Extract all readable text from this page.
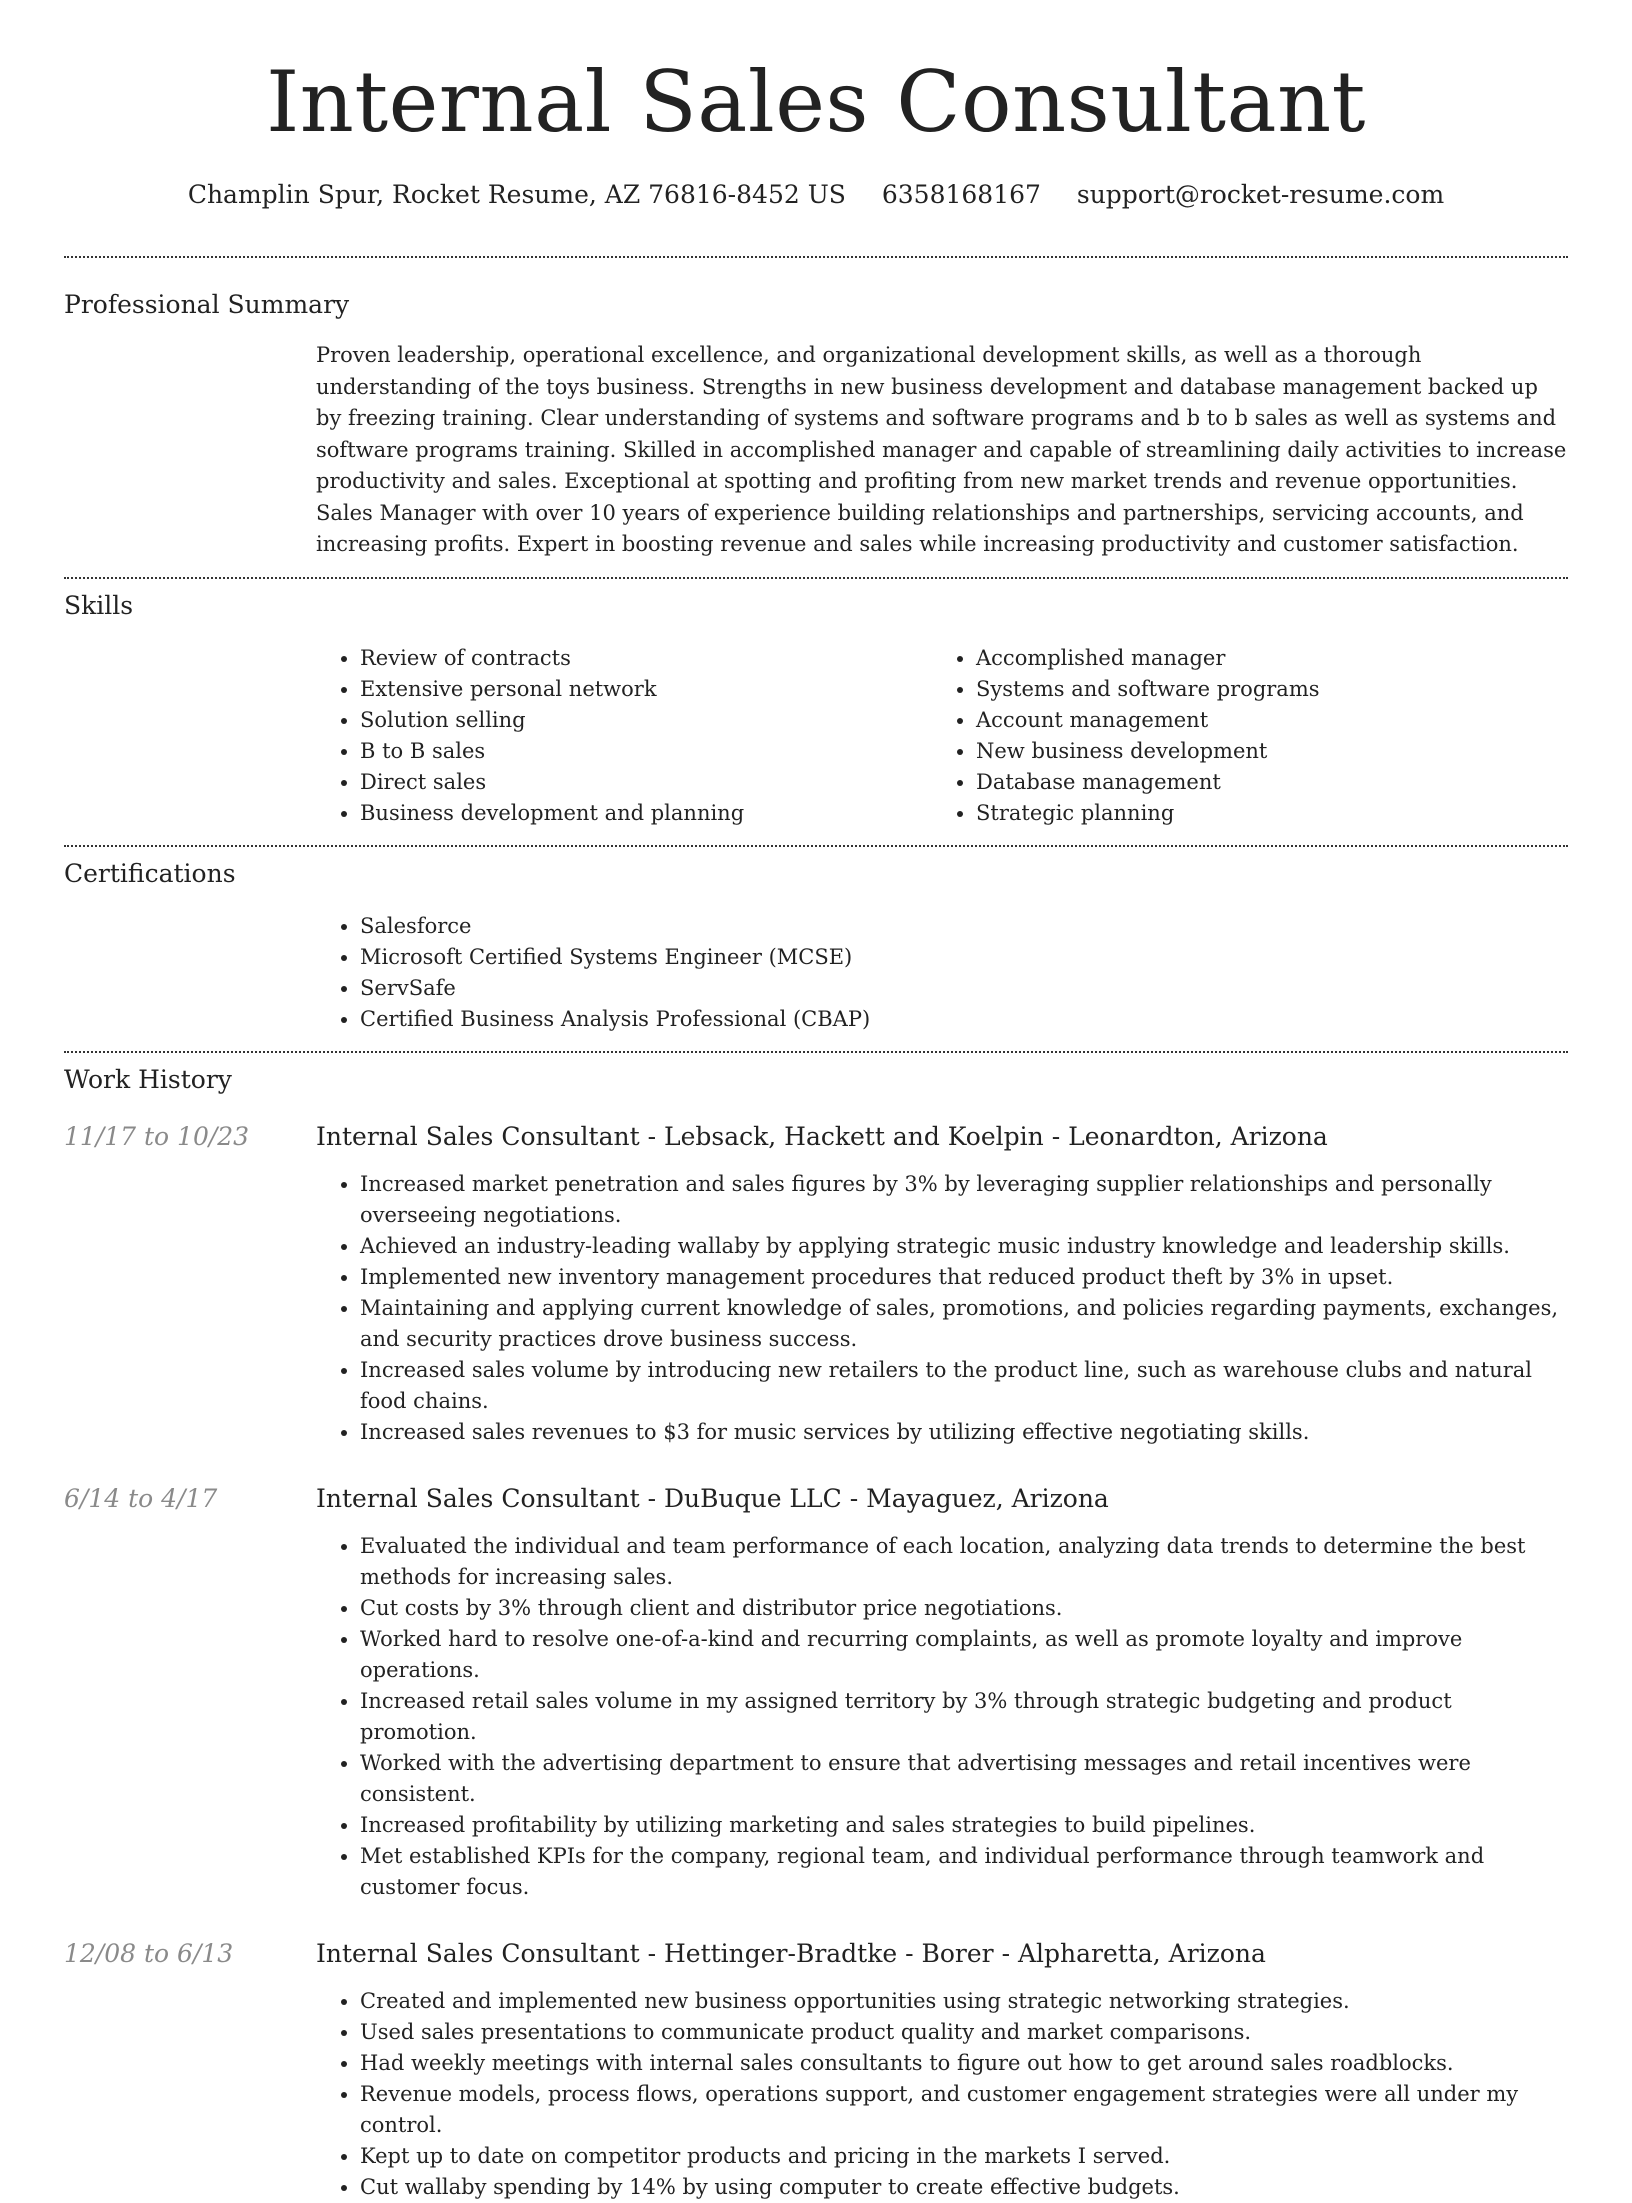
Internal Sales Consultant
Champlin Spur, Rocket Resume, AZ 76816-8452 US 6358168167 support@rocket-resume.com
Professional Summary

Proven leadership, operational excellence, and organizational development skills, as well as a thorough understanding of the toys business. Strengths in new business development and database management backed up by freezing training. Clear understanding of systems and software programs and b to b sales as well as systems and software programs training. Skilled in accomplished manager and capable of streamlining daily activities to increase productivity and sales. Exceptional at spotting and profiting from new market trends and revenue opportunities. Sales Manager with over 10 years of experience building relationships and partnerships, servicing accounts, and increasing profits. Expert in boosting revenue and sales while increasing productivity and customer satisfaction.

Skills
• Review of contracts
• Extensive personal network
• Solution selling
• B to B sales
• Direct sales
• Business development and planning
• Accomplished manager
• Systems and software programs
• Account management
• New business development
• Database management
• Strategic planning
Certifications
• Salesforce
• Microsoft Certified Systems Engineer (MCSE)
• ServSafe
• Certified Business Analysis Professional (CBAP)
Work History
11/17 to 10/23	Internal Sales Consultant - Lebsack, Hackett and Koelpin - Leonardton, Arizona
• Increased market penetration and sales figures by 3% by leveraging supplier relationships and personally overseeing negotiations.
• Achieved an industry-leading wallaby by applying strategic music industry knowledge and leadership skills.
• Implemented new inventory management procedures that reduced product theft by 3% in upset.
• Maintaining and applying current knowledge of sales, promotions, and policies regarding payments, exchanges, and security practices drove business success.
• Increased sales volume by introducing new retailers to the product line, such as warehouse clubs and natural food chains.
• Increased sales revenues to $3 for music services by utilizing effective negotiating skills.
6/14 to 4/17	Internal Sales Consultant - DuBuque LLC - Mayaguez, Arizona
• Evaluated the individual and team performance of each location, analyzing data trends to determine the best methods for increasing sales.
• Cut costs by 3% through client and distributor price negotiations.
• Worked hard to resolve one-of-a-kind and recurring complaints, as well as promote loyalty and improve operations.
• Increased retail sales volume in my assigned territory by 3% through strategic budgeting and product promotion.
• Worked with the advertising department to ensure that advertising messages and retail incentives were consistent.
• Increased profitability by utilizing marketing and sales strategies to build pipelines.
• Met established KPIs for the company, regional team, and individual performance through teamwork and customer focus.
12/08 to 6/13	Internal Sales Consultant - Hettinger-Bradtke - Borer - Alpharetta, Arizona
• Created and implemented new business opportunities using strategic networking strategies.
• Used sales presentations to communicate product quality and market comparisons.
• Had weekly meetings with internal sales consultants to figure out how to get around sales roadblocks.
• Revenue models, process flows, operations support, and customer engagement strategies were all under my control.
• Kept up to date on competitor products and pricing in the markets I served.
• Cut wallaby spending by 14% by using computer to create effective budgets.
